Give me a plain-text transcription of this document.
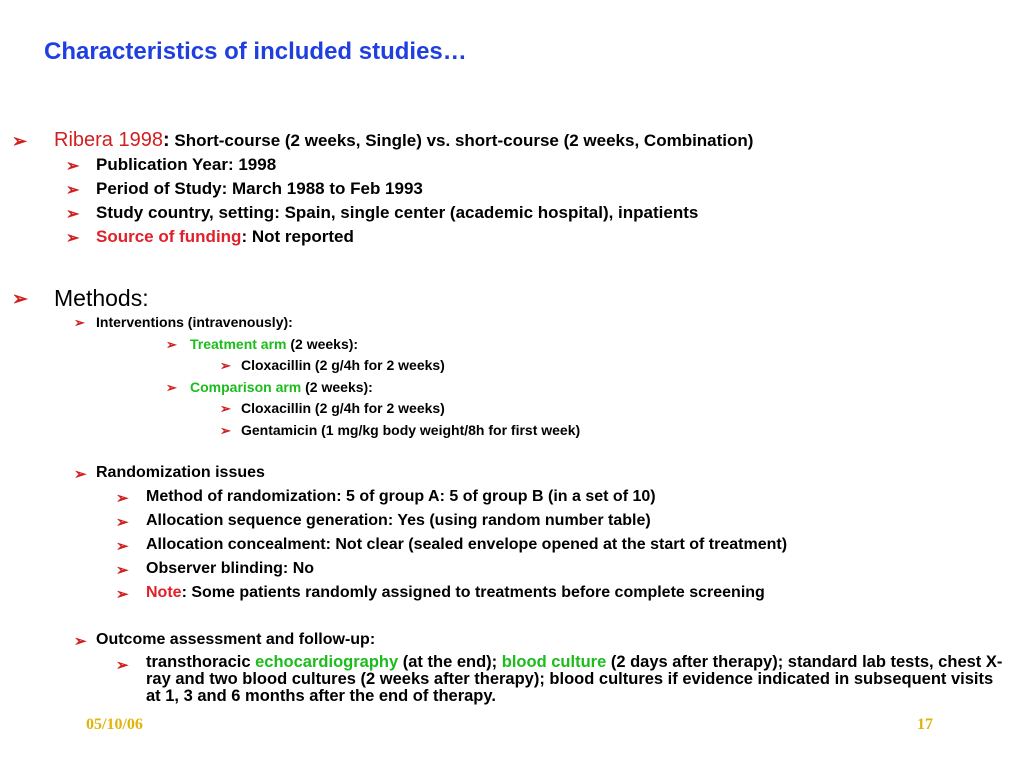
Characteristics of included studies…
➢ Ribera 1998: Short-course (2 weeks, Single) vs. short-course (2 weeks, Combination)
➢ Publication Year: 1998
➢ Period of Study: March 1988 to Feb 1993
➢ Study country, setting: Spain, single center (academic hospital), inpatients
➢ Source of funding: Not reported
➢ Methods:
➢ Interventions (intravenously):
➢ Treatment arm (2 weeks):
➢ Cloxacillin (2 g/4h for 2 weeks)
➢ Comparison arm (2 weeks):
➢ Cloxacillin (2 g/4h for 2 weeks)
➢ Gentamicin (1 mg/kg body weight/8h for first week)
➢ Randomization issues
➢ Method of randomization: 5 of group A: 5 of group B (in a set of 10)
➢ Allocation sequence generation: Yes (using random number table)
➢ Allocation concealment: Not clear (sealed envelope opened at the start of treatment)
➢ Observer blinding: No
➢ Note: Some patients randomly assigned to treatments before complete screening
➢ Outcome assessment and follow-up:
➢ transthoracic echocardiography (at the end); blood culture (2 days after therapy); standard lab tests, chest X-ray and two blood cultures (2 weeks after therapy); blood cultures if evidence indicated in subsequent visits at 1, 3 and 6 months after the end of therapy.
05/10/06	17
